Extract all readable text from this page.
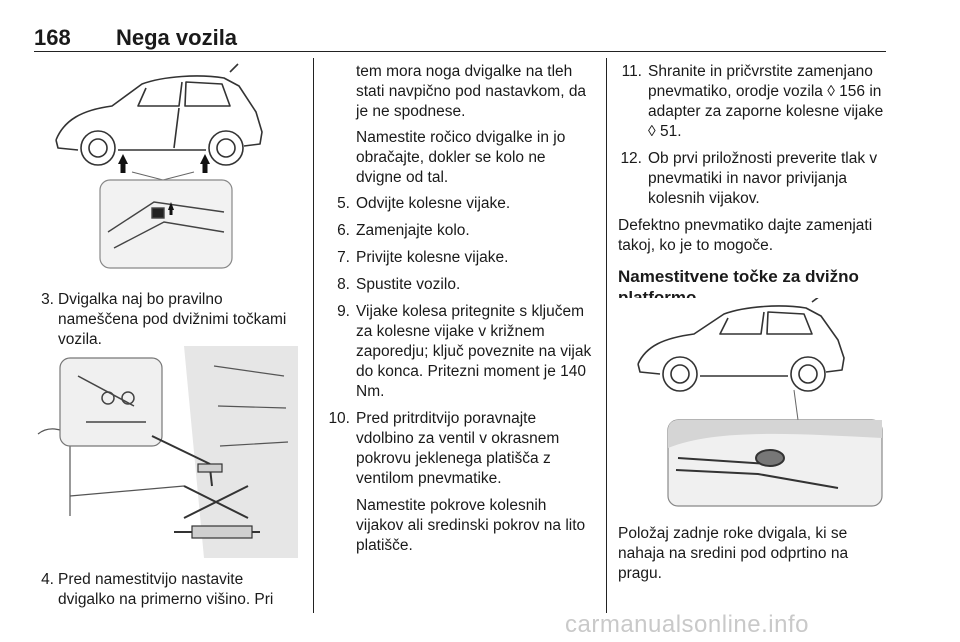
168 Nega vozila
3. Dvigalka naj bo pravilno nameščena pod dvižnimi točkami vozila.
4. Pred namestitvijo nastavite dvigalko na primerno višino. Pri
tem mora noga dvigalke na tleh stati navpično pod nastavkom, da je ne spodnese.
Namestite ročico dvigalke in jo obračajte, dokler se kolo ne dvigne od tal.
5. Odvijte kolesne vijake.
6. Zamenjajte kolo.
7. Privijte kolesne vijake.
8. Spustite vozilo.
9. Vijake kolesa pritegnite s ključem za kolesne vijake v križnem zaporedju; ključ poveznite na vijak do konca. Pritezni moment je 140 Nm.
10. Pred pritrditvijo poravnajte vdolbino za ventil v okrasnem pokrovu jeklenega platišča z ventilom pnevmatike.
Namestite pokrove kolesnih vijakov ali sredinski pokrov na lito platišče.
11. Shranite in pričvrstite zamenjano pnevmatiko, orodje vozila ◊ 156 in adapter za zaporne kolesne vijake ◊ 51.
12. Ob prvi priložnosti preverite tlak v pnevmatiki in navor privijanja kolesnih vijakov.
Defektno pnevmatiko dajte zamenjati takoj, ko je to mogoče.
Namestitvene točke za dvižno platformo
Položaj zadnje roke dvigala, ki se nahaja na sredini pod odprtino na pragu.
carmanualsonline.info
